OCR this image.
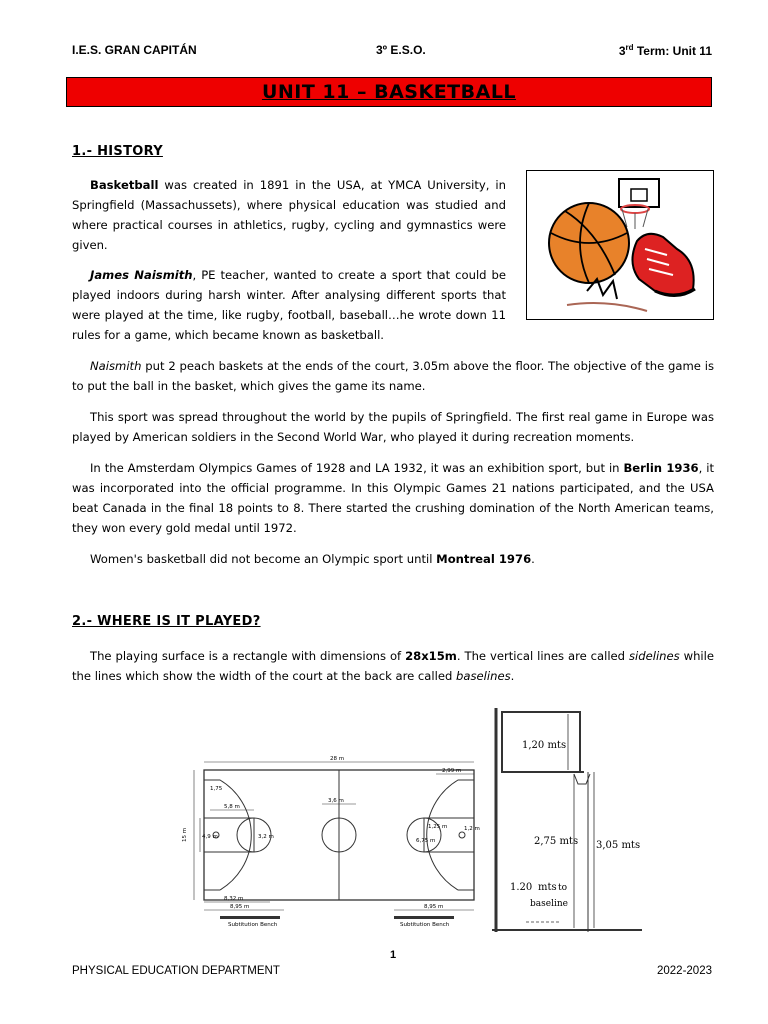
I.E.S. GRAN CAPITÁN	3º E.S.O.	3rd Term: Unit 11
UNIT 11 – BASKETBALL
1.- HISTORY

Basketball was created in 1891 in the USA, at YMCA University, in Springfield (Massachussets), where physical education was studied and where practical courses in athletics, rugby, cycling and gymnastics were given.

James Naismith, PE teacher, wanted to create a sport that could be played indoors during harsh winter. After analysing different sports that were played at the time, like rugby, football, baseball…he wrote down 11 rules for a game, which became known as basketball.

Naismith put 2 peach baskets at the ends of the court, 3.05m above the floor. The objective of the game is to put the ball in the basket, which gives the game its name.

This sport was spread throughout the world by the pupils of Springfield. The first real game in Europe was played by American soldiers in the Second World War, who played it during recreation moments.

In the Amsterdam Olympics Games of 1928 and LA 1932, it was an exhibition sport, but in Berlin 1936, it was incorporated into the official programme. In this Olympic Games 21 nations participated, and the USA beat Canada in the final 18 points to 8. There started the crushing domination of the North American teams, they won every gold medal until 1972.

Women's basketball did not become an Olympic sport until Montreal 1976.

2.- WHERE IS IT PLAYED?

The playing surface is a rectangle with dimensions of 28x15m. The vertical lines are called sidelines while the lines which show the width of the court at the back are called baselines.

28 m
2,99 m
1,75
5,8 m
3,6 m
15 m	4,9 m	3,2 m
1,25 m
6,75 m
1,2 m
8,32 m
8,95 m	8,95 m
Subtitution Bench	Subtitution Bench
1,20 mts
2,75 mts 3,05 mts
1.20 mts to
baseline
1
PHYSICAL EDUCATION DEPARTMENT	2022-2023
